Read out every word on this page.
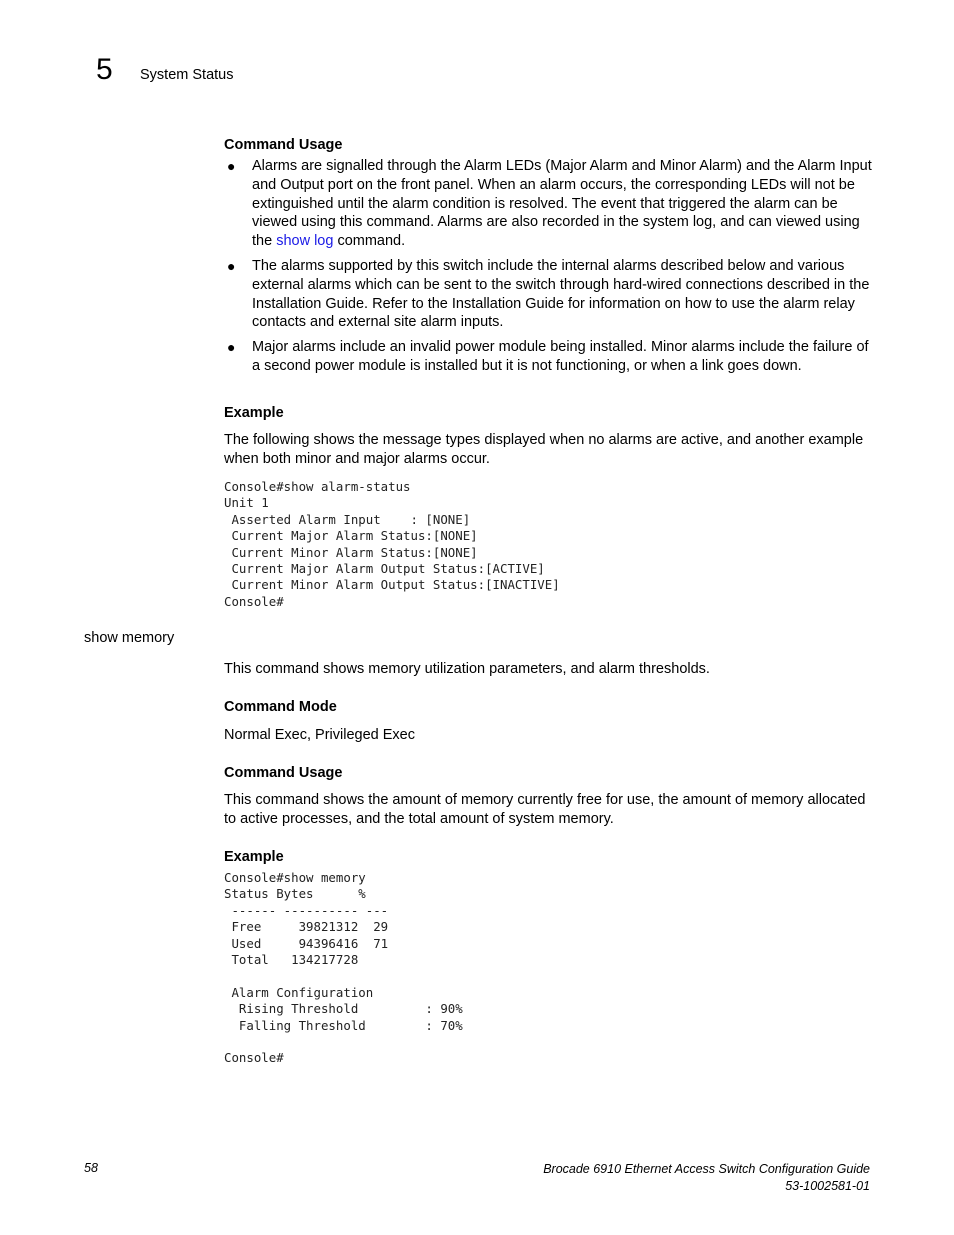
5 System Status
Command Usage
● Alarms are signalled through the Alarm LEDs (Major Alarm and Minor Alarm) and the Alarm Input and Output port on the front panel. When an alarm occurs, the corresponding LEDs will not be extinguished until the alarm condition is resolved. The event that triggered the alarm can be viewed using this command. Alarms are also recorded in the system log, and can viewed using the show log command.
● The alarms supported by this switch include the internal alarms described below and various external alarms which can be sent to the switch through hard-wired connections described in the Installation Guide. Refer to the Installation Guide for information on how to use the alarm relay contacts and external site alarm inputs.
● Major alarms include an invalid power module being installed. Minor alarms include the failure of a second power module is installed but it is not functioning, or when a link goes down.
Example

The following shows the message types displayed when no alarms are active, and another example when both minor and major alarms occur.

Console#show alarm-status
Unit 1
Asserted Alarm Input    : [NONE]
Current Major Alarm Status:[NONE]
Current Minor Alarm Status:[NONE]
Current Major Alarm Output Status:[ACTIVE]
Current Minor Alarm Output Status:[INACTIVE]
Console#
show memory

This command shows memory utilization parameters, and alarm thresholds.

Command Mode

Normal Exec, Privileged Exec

Command Usage

This command shows the amount of memory currently free for use, the amount of memory allocated to active processes, and the total amount of system memory.

Example
Console#show memory
Status Bytes      %
------ ---------- ---
Free     39821312  29
Used     94396416  71
Total   134217728

Alarm Configuration
Rising Threshold         : 90%
Falling Threshold        : 70%

Console#
58	Brocade 6910 Ethernet Access Switch Configuration Guide
53-1002581-01
